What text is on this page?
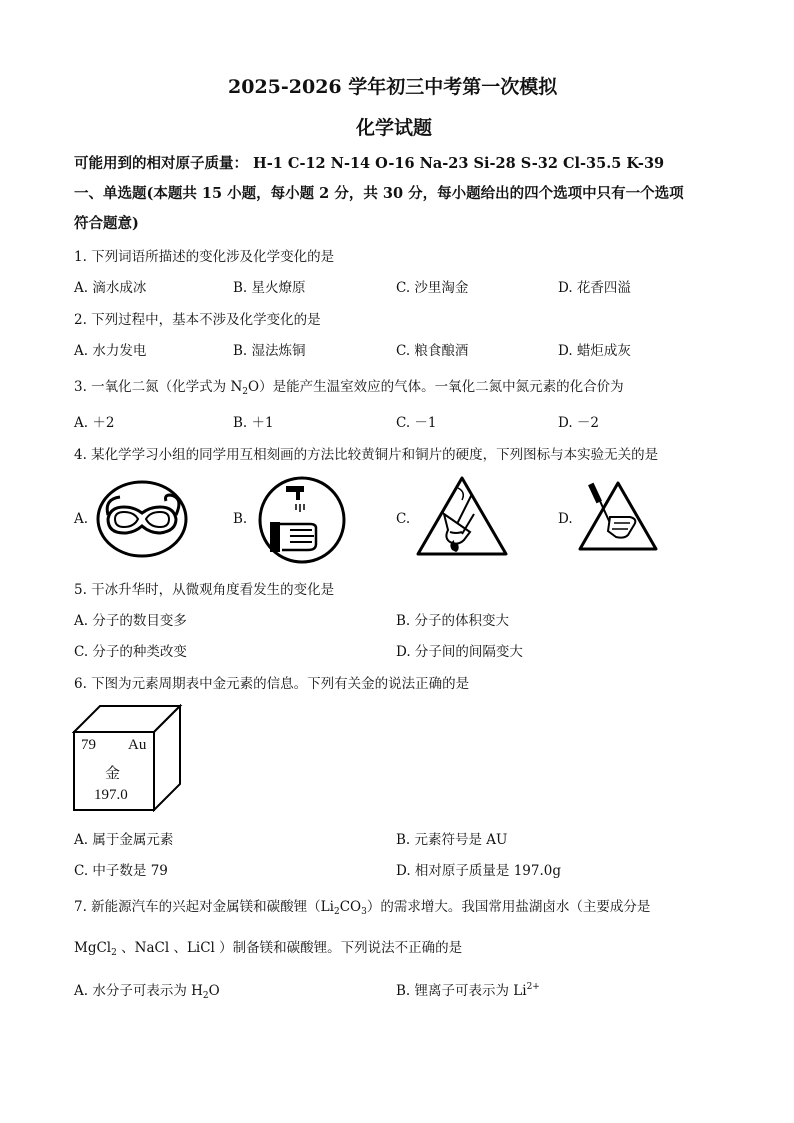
2025-2026 学年初三中考第一次模拟
化学试题
可能用到的相对原子质量： H-1 C-12 N-14 O-16 Na-23 Si-28 S-32 Cl-35.5 K-39
一、单选题(本题共 15 小题，每小题 2 分，共 30 分，每小题给出的四个选项中只有一个选项
符合题意)
1. 下列词语所描述的变化涉及化学变化的是
A. 滴水成冰	B. 星火燎原	C. 沙里淘金	D. 花香四溢
2. 下列过程中，基本不涉及化学变化的是
A. 水力发电	B. 湿法炼铜	C. 粮食酿酒	D. 蜡炬成灰
3. 一氧化二氮（化学式为 $N_2O$）是能产生温室效应的气体。一氧化二氮中氮元素的化合价为
A. ＋2	B. ＋1	C. －1	D. －2
4. 某化学学习小组的同学用互相刻画的方法比较黄铜片和铜片的硬度，下列图标与本实验无关的是
A.	B.	C.	D.
5. 干冰升华时，从微观角度看发生的变化是
A. 分子的数目变多	B. 分子的体积变大
C. 分子的种类改变	D. 分子间的间隔变大
6. 下图为元素周期表中金元素的信息。下列有关金的说法正确的是
79 Au
金
197.0
A. 属于金属元素	B. 元素符号是 AU
C. 中子数是 79	D. 相对原子质量是 197.0g
7. 新能源汽车的兴起对金属镁和碳酸锂$(Li_2CO_3)$的需求增大。我国常用盐湖卤水（主要成分是
MgCl$_2$ 、NaCl 、LiCl ）制备镁和碳酸锂。下列说法不正确的是
A. 水分子可表示为 $H_2O$	B. 锂离子可表示为 $Li^{2+}$
